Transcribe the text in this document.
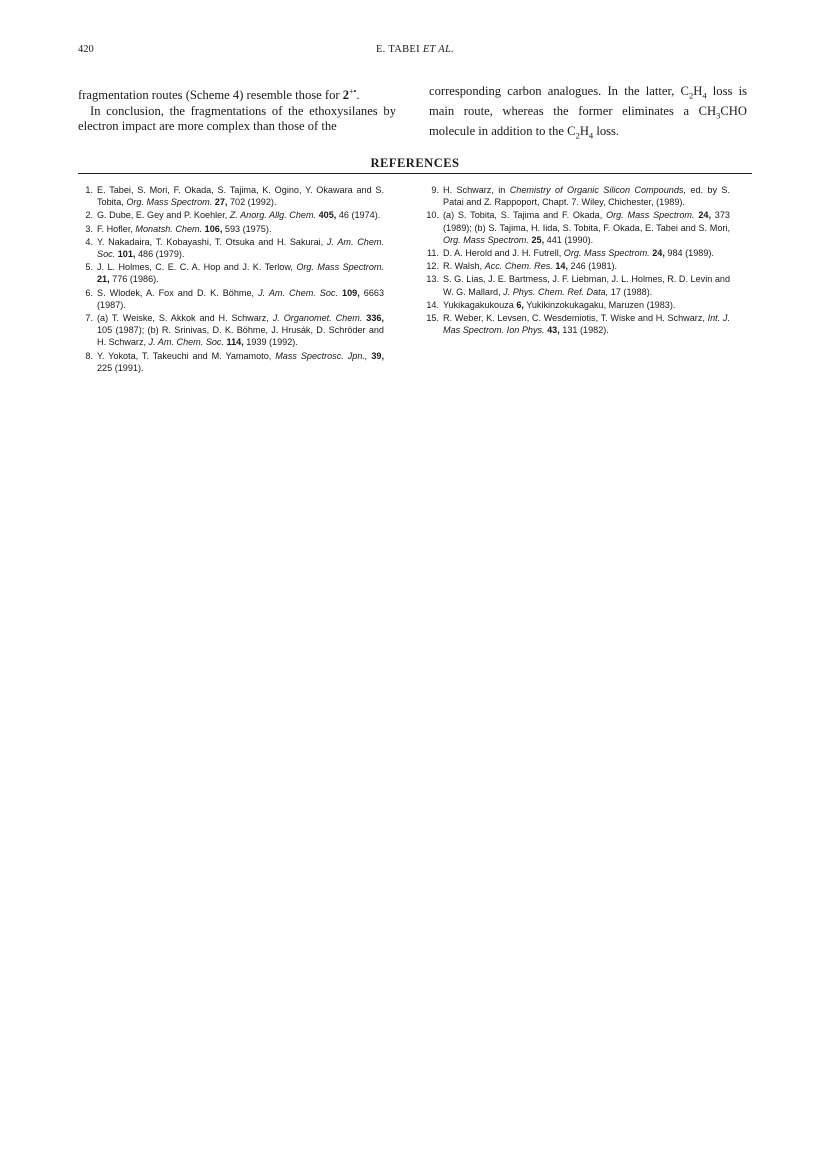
420	E. TABEI ET AL.

fragmentation routes (Scheme 4) resemble those for 2+•.

In conclusion, the fragmentations of the ethoxysilanes by electron impact are more complex than those of the

corresponding carbon analogues. In the latter, $C_2H_4$ loss is main route, whereas the former eliminates a $CH_3CHO$ molecule in addition to the $C_2H_4$ loss.

REFERENCES
1. E. Tabei, S. Mori, F. Okada, S. Tajima, K. Ogino, Y. Okawara and S. Tobita, Org. Mass Spectrom. 27, 702 (1992).
2. G. Dube, E. Gey and P. Koehler, Z. Anorg. Allg. Chem. 405, 46 (1974).
3. F. Hofler, Monatsh. Chem. 106, 593 (1975).
4. Y. Nakadaira, T. Kobayashi, T. Otsuka and H. Sakurai, J. Am. Chem. Soc. 101, 486 (1979).
5. J. L. Holmes, C. E. C. A. Hop and J. K. Terlow, Org. Mass Spectrom. 21, 776 (1986).
6. S. Wlodek, A. Fox and D. K. Böhme, J. Am. Chem. Soc. 109, 6663 (1987).
7. (a) T. Weiske, S. Akkok and H. Schwarz, J. Organomet. Chem. 336, 105 (1987); (b) R. Srinivas, D. K. Böhme, J. Hrusák, D. Schröder and H. Schwarz, J. Am. Chem. Soc. 114, 1939 (1992).
8. Y. Yokota, T. Takeuchi and M. Yamamoto, Mass Spectrosc. Jpn., 39, 225 (1991).
9. H. Schwarz, in Chemistry of Organic Silicon Compounds, ed. by S. Patai and Z. Rappoport, Chapt. 7. Wiley, Chichester, (1989).
10. (a) S. Tobita, S. Tajima and F. Okada, Org. Mass Spectrom. 24, 373 (1989); (b) S. Tajima, H. Iida, S. Tobita, F. Okada, E. Tabei and S. Mori, Org. Mass Spectrom. 25, 441 (1990).
11. D. A. Herold and J. H. Futrell, Org. Mass Spectrom. 24, 984 (1989).
12. R. Walsh, Acc. Chem. Res. 14, 246 (1981).
13. S. G. Lias, J. E. Bartmess, J. F. Liebman, J. L. Holmes, R. D. Levin and W. G. Mallard, J. Phys. Chem. Ref. Data, 17 (1988).
14. Yukikagakukouza 6, Yukikinzokukagaku, Maruzen (1983).
15. R. Weber, K. Levsen, C. Wesdemiotis, T. Wiske and H. Schwarz, Int. J. Mas Spectrom. Ion Phys. 43, 131 (1982).
